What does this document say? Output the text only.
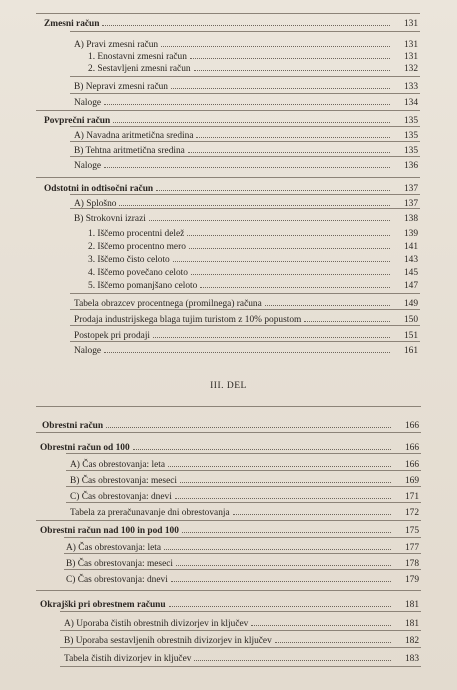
Zmesni račun	131
A) Pravi zmesni račun	131
1. Enostavni zmesni račun	131
2. Sestavljeni zmesni račun	132
B) Nepravi zmesni račun	133
Naloge	134
Povprečni račun	135
A) Navadna aritmetična sredina	135
B) Tehtna aritmetična sredina	135
Naloge	136
Odstotni in odtisočni račun	137
A) Splošno	137
B) Strokovni izrazi	138
1. Iščemo procentni delež	139
2. Iščemo procentno mero	141
3. Iščemo čisto celoto	143
4. Iščemo povečano celoto	145
5. Iščemo pomanjšano celoto	147
Tabela obrazcev procentnega (promilnega) računa	149
Prodaja industrijskega blaga tujim turistom z 10% popustom	150
Postopek pri prodaji	151
Naloge	161
III. DEL
Obrestni račun	166
Obrestni račun od 100	166
A) Čas obrestovanja: leta	166
B) Čas obrestovanja: meseci	169
C) Čas obrestovanja: dnevi	171
Tabela za preračunavanje dni obrestovanja	172
Obrestni račun nad 100 in pod 100	175
A) Čas obrestovanja: leta	177
B) Čas obrestovanja: meseci	178
C) Čas obrestovanja: dnevi	179
Okrajški pri obrestnem računu	181
A) Uporaba čistih obrestnih divizorjev in ključev	181
B) Uporaba sestavljenih obrestnih divizorjev in ključev	182
Tabela čistih divizorjev in ključev	183
